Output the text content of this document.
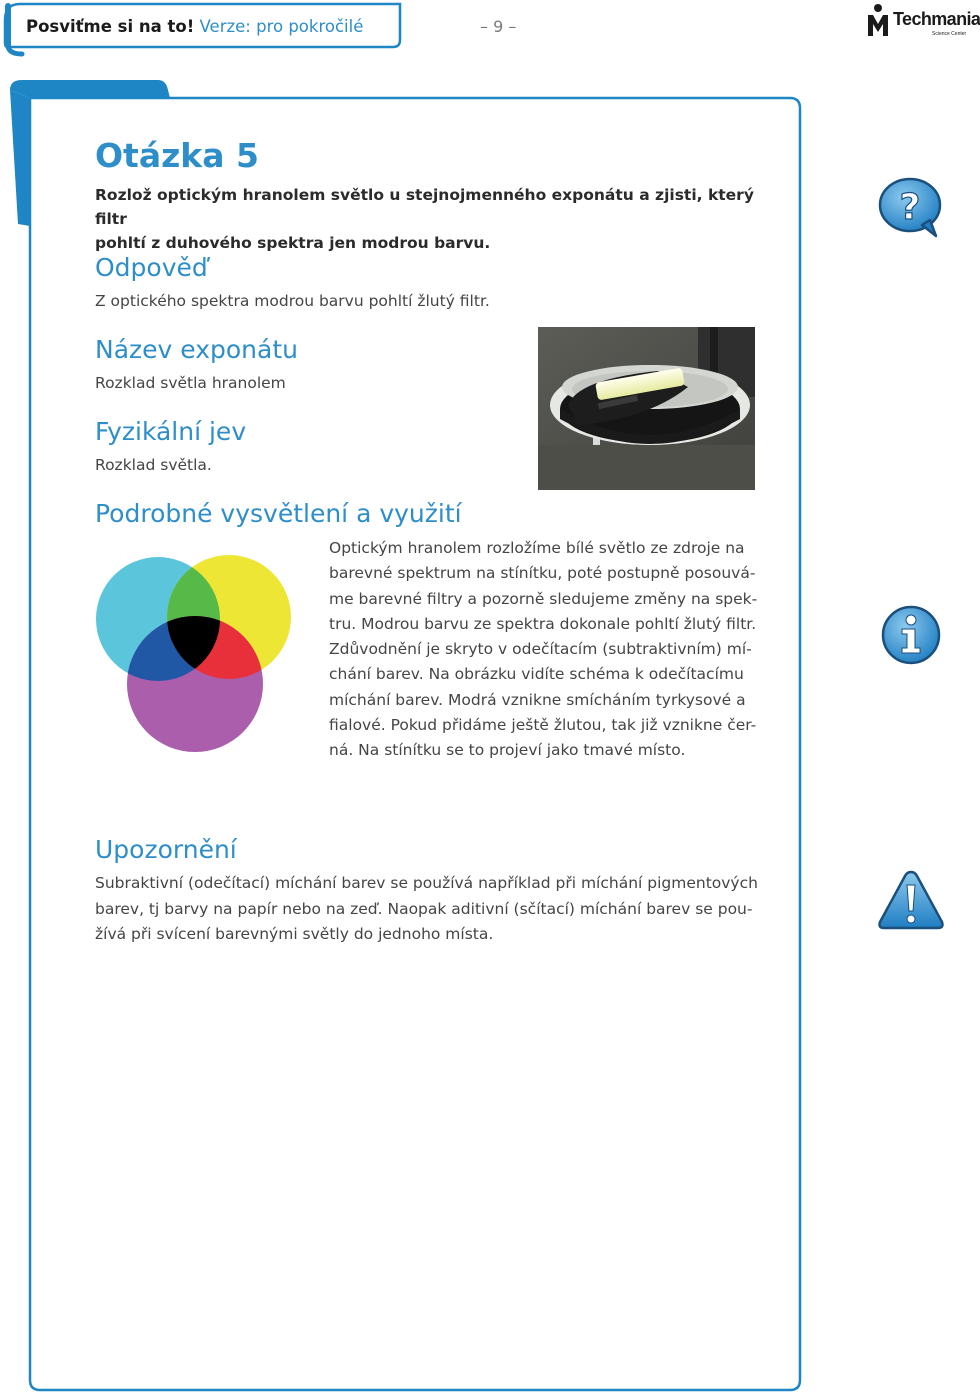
Posviťme si na to! Verze: pro pokročilé	– 9 –	Techmania
Science Center
Otázka 5
Rozlož optickým hranolem světlo u stejnojmenného exponátu a zjisti, který filtr
pohltí z duhového spektra jen modrou barvu.
Odpověď
Z optického spektra modrou barvu pohltí žlutý filtr.
Název exponátu
Rozklad světla hranolem
Fyzikální jev
Rozklad světla.
Podrobné vysvětlení a využití
Optickým hranolem rozložíme bílé světlo ze zdroje na
barevné spektrum na stínítku, poté postupně posouvá-
me barevné filtry a pozorně sledujeme změny na spek-
tru. Modrou barvu ze spektra dokonale pohltí žlutý filtr.
Zdůvodnění je skryto v odečítacím (subtraktivním) mí-
chání barev. Na obrázku vidíte schéma k odečítacímu
míchání barev. Modrá vznikne smícháním tyrkysové a
fialové. Pokud přidáme ještě žlutou, tak již vznikne čer-
ná. Na stínítku se to projeví jako tmavé místo.
Upozornění
Subraktivní (odečítací) míchání barev se používá například při míchání pigmentových
barev, tj barvy na papír nebo na zeď. Naopak aditivní (sčítací) míchání barev se pou-
žívá při svícení barevnými světly do jednoho místa.
?
